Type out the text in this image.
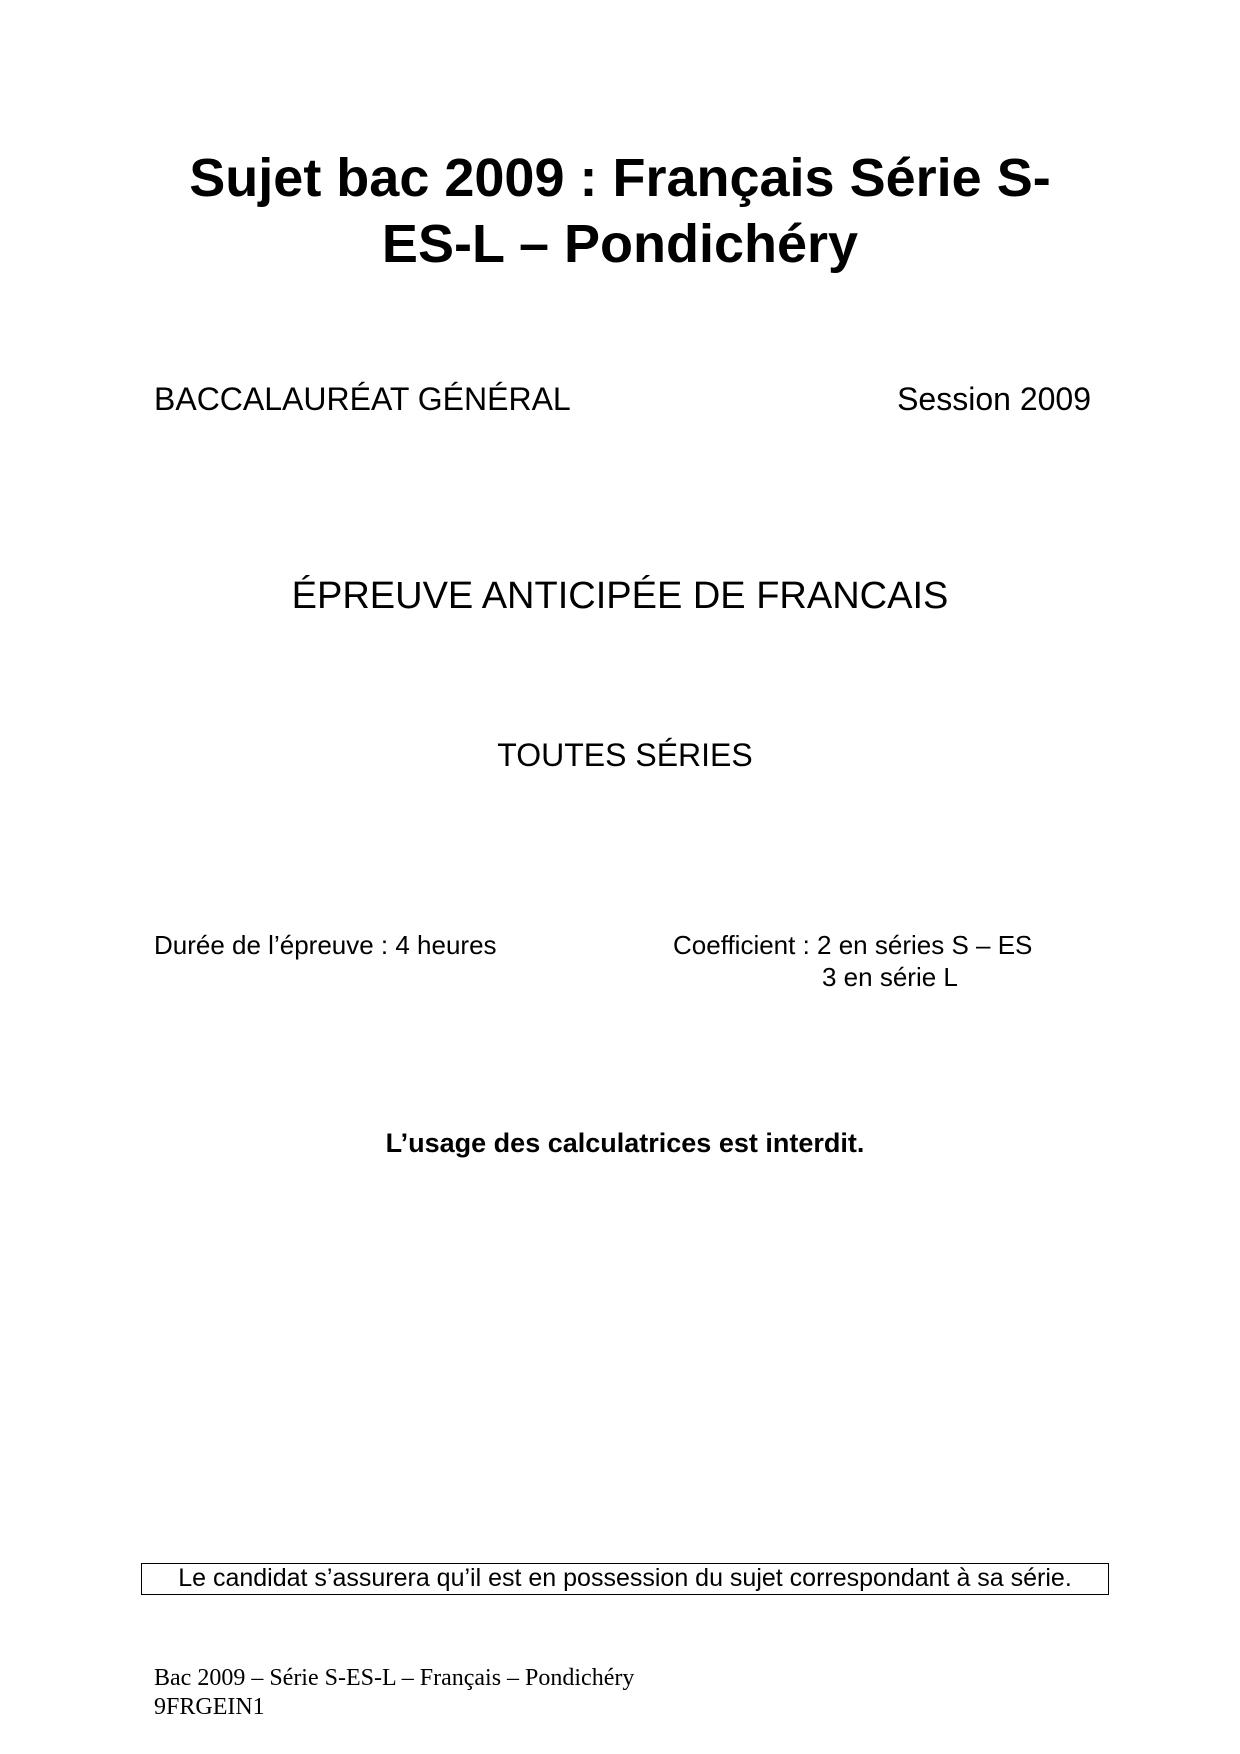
Sujet bac 2009 : Français Série S-
ES-L – Pondichéry
BACCALAURÉAT GÉNÉRAL	Session 2009
ÉPREUVE ANTICIPÉE DE FRANCAIS
TOUTES SÉRIES
Durée de l’épreuve : 4 heures	Coefficient : 2 en séries S – ES
3 en série L
L’usage des calculatrices est interdit.
Le candidat s’assurera qu’il est en possession du sujet correspondant à sa série.
Bac 2009 – Série S-ES-L – Français – Pondichéry
9FRGEIN1
